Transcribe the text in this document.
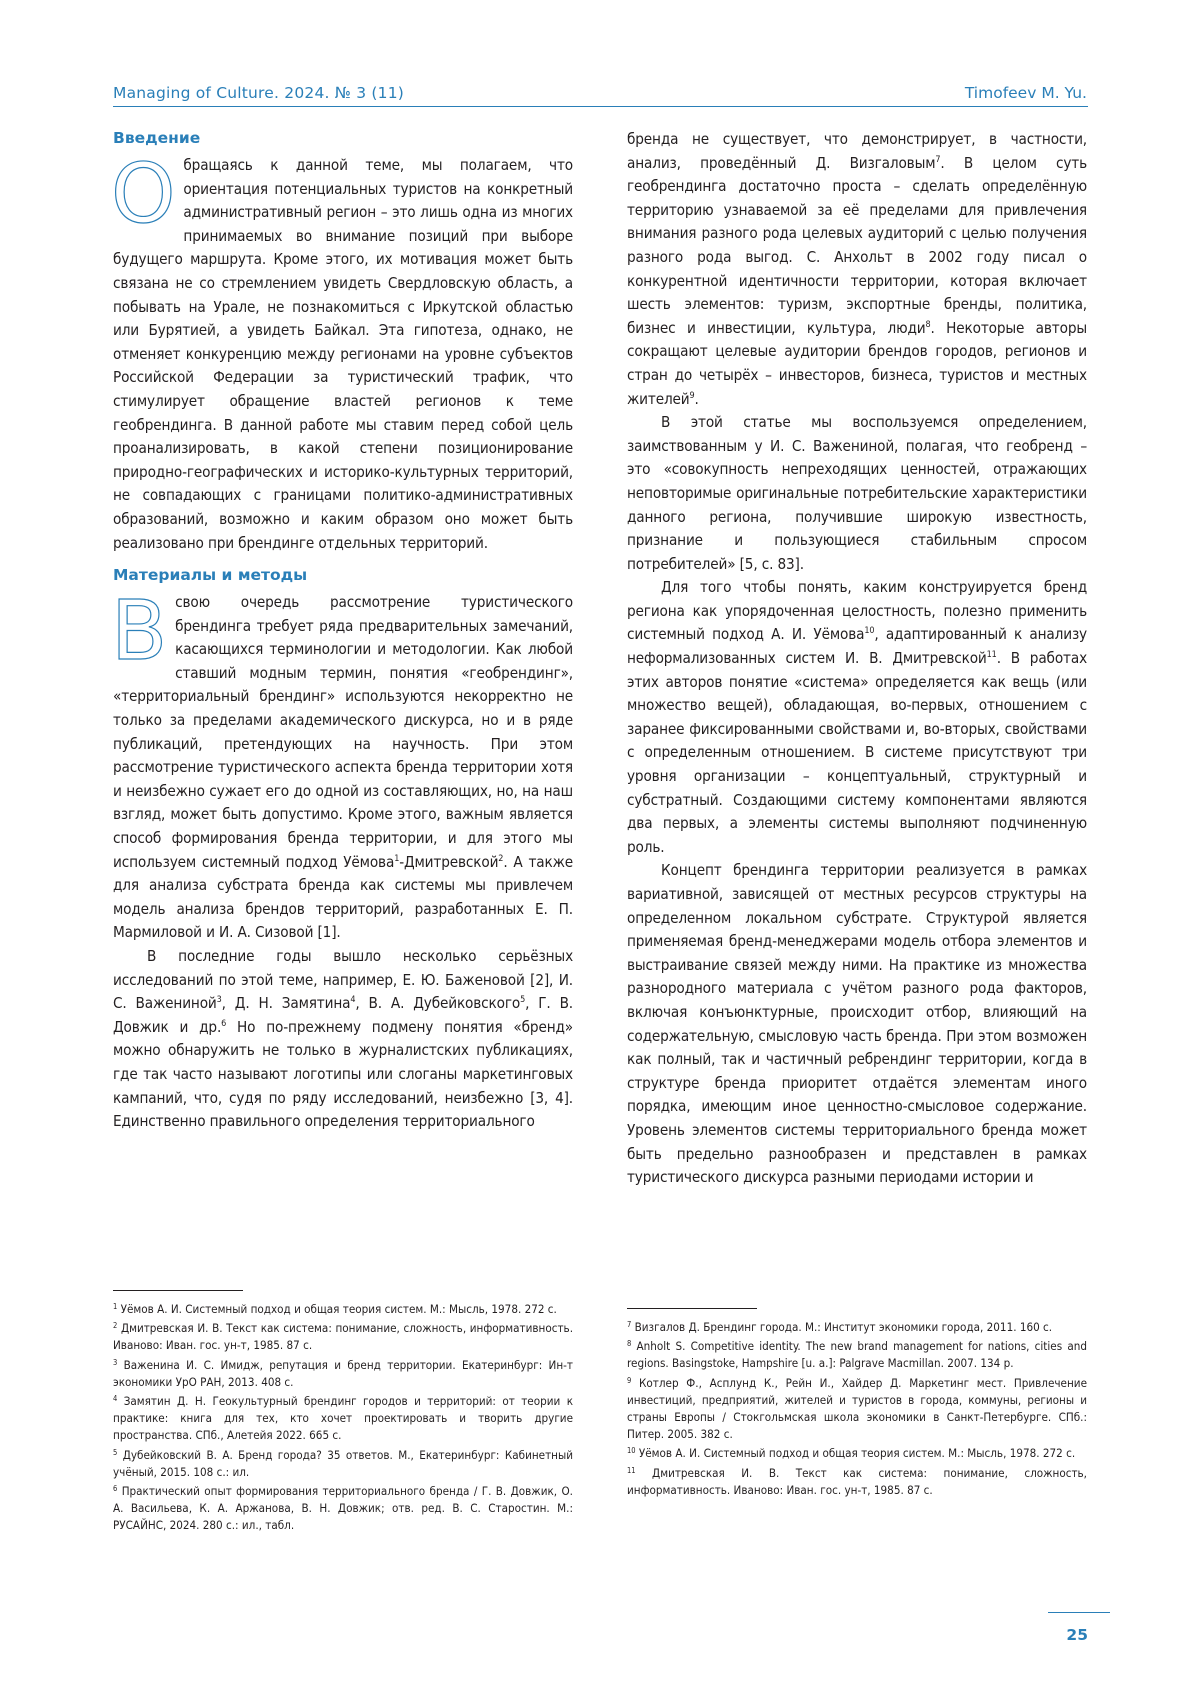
Managing of Culture. 2024. № 3 (11)	Timofeev M. Yu.
Введение

Обращаясь к данной теме, мы полагаем, что ориентация потенциальных туристов на конкретный административный регион – это лишь одна из многих принимаемых во внимание позиций при выборе будущего маршрута. Кроме этого, их мотивация может быть связана не со стремлением увидеть Свердловскую область, а побывать на Урале, не познакомиться с Иркутской областью или Бурятией, а увидеть Байкал. Эта гипотеза, однако, не отменяет конкуренцию между регионами на уровне субъектов Российской Федерации за туристический трафик, что стимулирует обращение властей регионов к теме геобрендинга. В данной работе мы ставим перед собой цель проанализировать, в какой степени позиционирование природно-географических и историко-культурных территорий, не совпадающих с границами политико-административных образований, возможно и каким образом оно может быть реализовано при брендинге отдельных территорий.

Материалы и методы

Всвою очередь рассмотрение туристического брендинга требует ряда предварительных замечаний, касающихся терминологии и методологии. Как любой ставший модным термин, понятия «геобрендинг», «территориальный брендинг» используются некорректно не только за пределами академического дискурса, но и в ряде публикаций, претендующих на научность. При этом рассмотрение туристического аспекта бренда территории хотя и неизбежно сужает его до одной из составляющих, но, на наш взгляд, может быть допустимо. Кроме этого, важным является способ формирования бренда территории, и для этого мы используем системный подход Уёмова$^1$-Дмитревской$^2$. А также для анализа субстрата бренда как системы мы привлечем модель анализа брендов территорий, разработанных Е. П. Мармиловой и И. А. Сизовой [1].

В последние годы вышло несколько серьёзных исследований по этой теме, например, Е. Ю. Баженовой [2], И. С. Важениной$^3$, Д. Н. Замятина$^4$, В. А. Дубейковского$^5$, Г. В. Довжик и др.$^6$ Но по-прежнему подмену понятия «бренд» можно обнаружить не только в журналистских публикациях, где так часто называют логотипы или слоганы маркетинговых кампаний, что, судя по ряду исследований, неизбежно [3, 4]. Единственно правильного определения территориального

бренда не существует, что демонстрирует, в частности, анализ, проведённый Д. Визгаловым$^7$. В целом суть геобрендинга достаточно проста – сделать определённую территорию узнаваемой за её пределами для привлечения внимания разного рода целевых аудиторий с целью получения разного рода выгод. С. Анхольт в 2002 году писал о конкурентной идентичности территории, которая включает шесть элементов: туризм, экспортные бренды, политика, бизнес и инвестиции, культура, люди$^8$. Некоторые авторы сокращают целевые аудитории брендов городов, регионов и стран до четырёх – инвесторов, бизнеса, туристов и местных жителей$^9$.

В этой статье мы воспользуемся определением, заимствованным у И. С. Важениной, полагая, что геобренд – это «совокупность непреходящих ценностей, отражающих неповторимые оригинальные потребительские характеристики данного региона, получившие широкую известность, признание и пользующиеся стабильным спросом потребителей» [5, с. 83].

Для того чтобы понять, каким конструируется бренд региона как упорядоченная целостность, полезно применить системный подход А. И. Уёмова$^{10}$, адаптированный к анализу неформализованных систем И. В. Дмитревской$^{11}$. В работах этих авторов понятие «система» определяется как вещь (или множество вещей), обладающая, во-первых, отношением с заранее фиксированными свойствами и, во-вторых, свойствами с определенным отношением. В системе присутствуют три уровня организации – концептуальный, структурный и субстратный. Создающими систему компонентами являются два первых, а элементы системы выполняют подчиненную роль.

Концепт брендинга территории реализуется в рамках вариативной, зависящей от местных ресурсов структуры на определенном локальном субстрате. Структурой является применяемая бренд-менеджерами модель отбора элементов и выстраивание связей между ними. На практике из множества разнородного материала с учётом разного рода факторов, включая конъюнктурные, происходит отбор, влияющий на содержательную, смысловую часть бренда. При этом возможен как полный, так и частичный ребрендинг территории, когда в структуре бренда приоритет отдаётся элементам иного порядка, имеющим иное ценностно-смысловое содержание. Уровень элементов системы территориального бренда может быть предельно разнообразен и представлен в рамках туристического дискурса разными периодами истории и

$^1$ Уёмов А. И. Системный подход и общая теория систем. М.: Мысль, 1978. 272 с.

$^2$ Дмитревская И. В. Текст как система: понимание, сложность, информативность. Иваново: Иван. гос. ун-т, 1985. 87 с.

$^3$ Важенина И. С. Имидж, репутация и бренд территории. Екатеринбург: Ин-т экономики УрО РАН, 2013. 408 с.

$^4$ Замятин Д. Н. Геокультурный брендинг городов и территорий: от теории к практике: книга для тех, кто хочет проектировать и творить другие пространства. СПб., Алетейя 2022. 665 с.

$^5$ Дубейковский В. А. Бренд города? 35 ответов. М., Екатеринбург: Кабинетный учёный, 2015. 108 с.: ил.

$^6$ Практический опыт формирования территориального бренда / Г. В. Довжик, О. А. Васильева, К. А. Аржанова, В. Н. Довжик; отв. ред. В. С. Старостин. М.: РУСАЙНС, 2024. 280 с.: ил., табл.

$^7$ Визгалов Д. Брендинг города. М.: Институт экономики города, 2011. 160 с.

$^8$ Anholt S. Competitive identity. The new brand management for nations, cities and regions. Basingstoke, Hampshire [u. a.]: Palgrave Macmillan. 2007. 134 p.

$^9$ Котлер Ф., Асплунд К., Рейн И., Хайдер Д. Маркетинг мест. Привлечение инвестиций, предприятий, жителей и туристов в города, коммуны, регионы и страны Европы / Стокгольмская школа экономики в Санкт-Петербурге. СПб.: Питер. 2005. 382 с.

$^{10}$ Уёмов А. И. Системный подход и общая теория систем. М.: Мысль, 1978. 272 с.

$^{11}$ Дмитревская И. В. Текст как система: понимание, сложность, информативность. Иваново: Иван. гос. ун-т, 1985. 87 с.

25
